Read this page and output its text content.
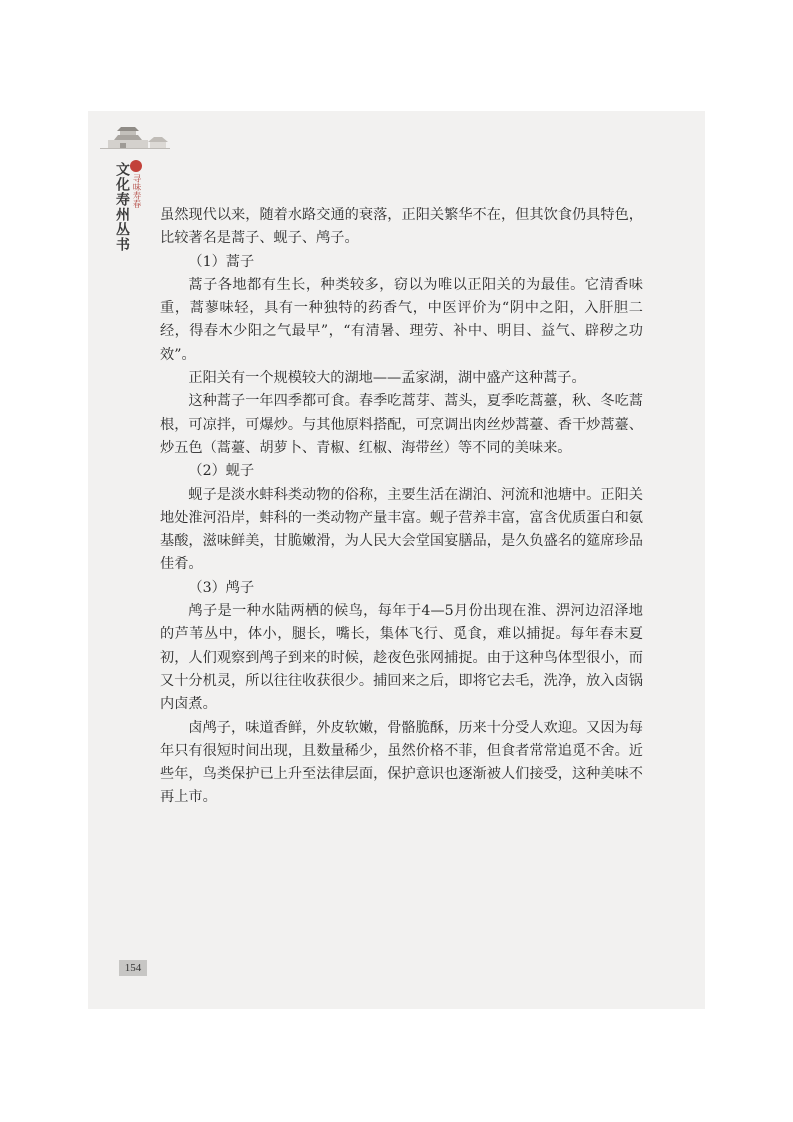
文化寿州丛书 寻味寿春

虽然现代以来，随着水路交通的衰落，正阳关繁华不在，但其饮食仍具特色，比较著名是蒿子、蚬子、鸬子。

（1）蒿子

蒿子各地都有生长，种类较多，窃以为唯以正阳关的为最佳。它清香味重，蒿蓼味轻，具有一种独特的药香气，中医评价为“阴中之阳，入肝胆二经，得春木少阳之气最早”，“有清暑、理劳、补中、明目、益气、辟秽之功效”。

正阳关有一个规模较大的湖地——孟家湖，湖中盛产这种蒿子。

这种蒿子一年四季都可食。春季吃蒿芽、蒿头，夏季吃蒿薹，秋、冬吃蒿根，可凉拌，可爆炒。与其他原料搭配，可烹调出肉丝炒蒿薹、香干炒蒿薹、炒五色（蒿薹、胡萝卜、青椒、红椒、海带丝）等不同的美味来。

（2）蚬子

蚬子是淡水蚌科类动物的俗称，主要生活在湖泊、河流和池塘中。正阳关地处淮河沿岸，蚌科的一类动物产量丰富。蚬子营养丰富，富含优质蛋白和氨基酸，滋味鲜美，甘脆嫩滑，为人民大会堂国宴膳品，是久负盛名的筵席珍品佳肴。

（3）鸬子

鸬子是一种水陆两栖的候鸟，每年于4—5月份出现在淮、淠河边沼泽地的芦苇丛中，体小，腿长，嘴长，集体飞行、觅食，难以捕捉。每年春末夏初，人们观察到鸬子到来的时候，趁夜色张网捕捉。由于这种鸟体型很小，而又十分机灵，所以往往收获很少。捕回来之后，即将它去毛，洗净，放入卤锅内卤煮。

卤鸬子，味道香鲜，外皮软嫩，骨骼脆酥，历来十分受人欢迎。又因为每年只有很短时间出现，且数量稀少，虽然价格不菲，但食者常常追觅不舍。近些年，鸟类保护已上升至法律层面，保护意识也逐渐被人们接受，这种美味不再上市。

154
